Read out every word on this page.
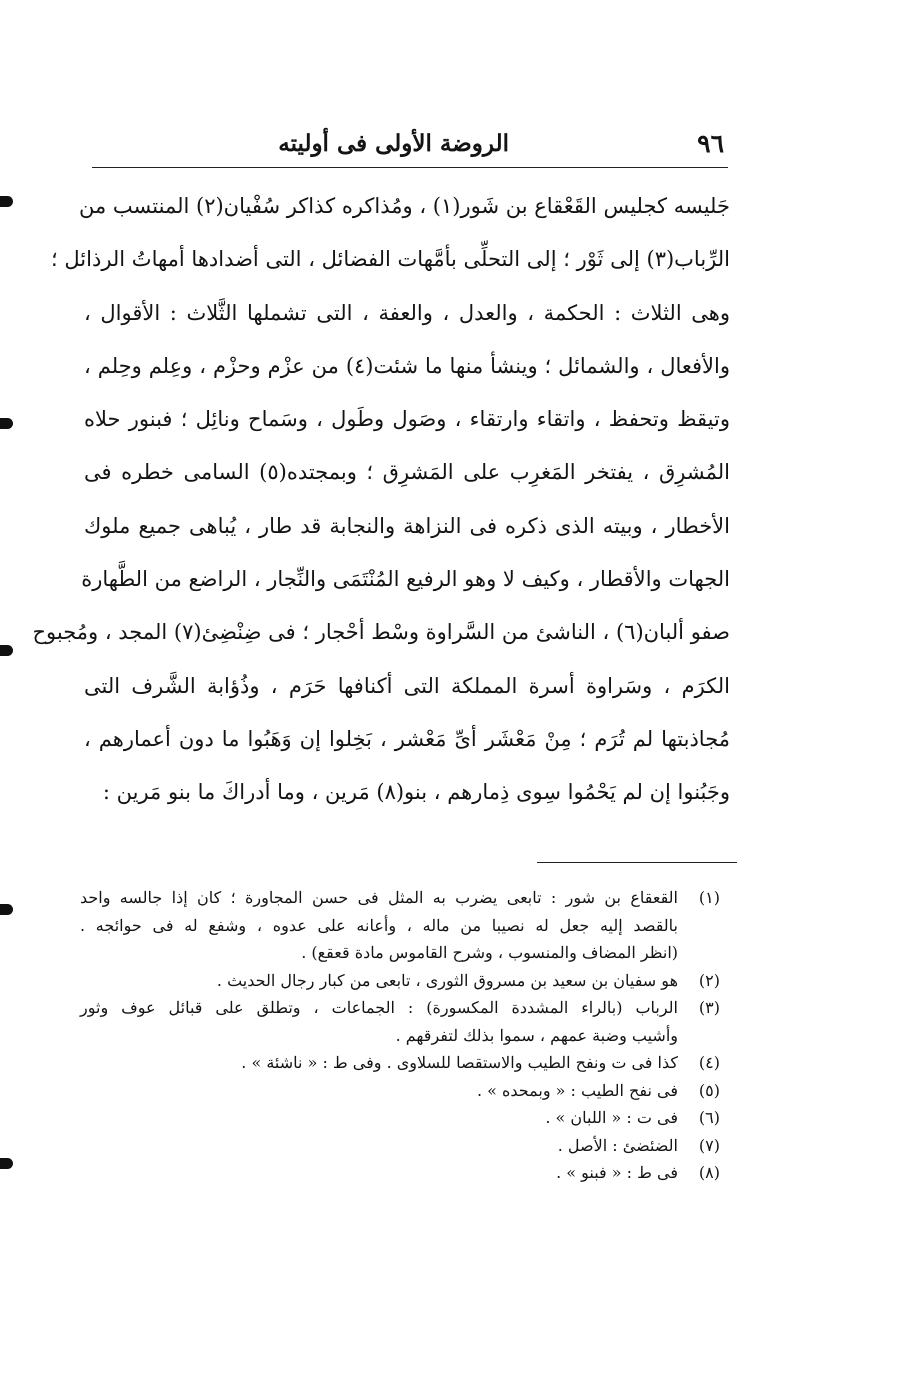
٩٦
الروضة الأولى فى أوليته
جَليسه كجليس القَعْقاع بن شَور(١) ، ومُذاكره كذاكر سُفْيان(٢) المنتسب من
الرِّباب(٣) إلى ثَوْر ؛ إلى التحلِّى بأمَّهات الفضائل ، التى أضدادها أمهاتُ الرذائل ؛
وهى الثلاث : الحكمة ، والعدل ، والعفة ، التى تشملها الثَّلاث : الأقوال ،
والأفعال ، والشمائل ؛ وينشأ منها ما شئت(٤) من عزْم وحزْم ، وعِلم وحِلم ،
وتيقظ وتحفظ ، واتقاء وارتقاء ، وصَول وطَول ، وسَماح ونائِل ؛ فبنور حلاه
المُشرِق ، يفتخر المَغرِب على المَشرِق ؛ وبمجتده(٥) السامى خطره فى
الأخطار ، وبيته الذى ذكره فى النزاهة والنجابة قد طار ، يُباهى جميع ملوك
الجهات والأقطار ، وكيف لا وهو الرفيع المُنْتَمَى والنِّجار ، الراضع من الطَّهارة
صفو ألبان(٦) ، الناشئ من السَّراوة وسْط أحْجار ؛ فى ضِنْضِئ(٧) المجد ، ومُجبوح
الكرَم ، وسَراوة أسرة المملكة التى أكنافها حَرَم ، وذُؤابة الشَّرف التى
مُجاذبتها لم تُرَم ؛ مِنْ مَعْشَر أىِّ مَعْشر ، بَخِلوا إن وَهَبُوا ما دون أعمارهم ،
وجَبُنوا إن لم يَحْمُوا سِوى ذِمارهم ، بنو(٨) مَرين ، وما أدراكَ ما بنو مَرين :
(١)
القعقاع بن شور : تابعى يضرب به المثل فى حسن المجاورة ؛ كان إذا جالسه واحد
بالقصد إليه جعل له نصيبا من ماله ، وأعانه على عدوه ، وشفع له فى حوائجه .
(انظر المضاف والمنسوب ، وشرح القاموس مادة قعقع) .
(٢)
هو سفيان بن سعيد بن مسروق الثورى ، تابعى من كبار رجال الحديث .
(٣)
الرباب (بالراء المشددة المكسورة) : الجماعات ، وتطلق على قبائل عوف وثور
وأشيب وضبة عمهم ، سموا بذلك لتفرقهم .
(٤)
كذا فى ت ونفح الطيب والاستقصا للسلاوى . وفى ط : « ناشئة » .
(٥)
فى نفح الطيب : « وبمحده » .
(٦)
فى ت : « اللبان » .
(٧)
الضئضئ : الأصل .
(٨)
فى ط : « فبنو » .
